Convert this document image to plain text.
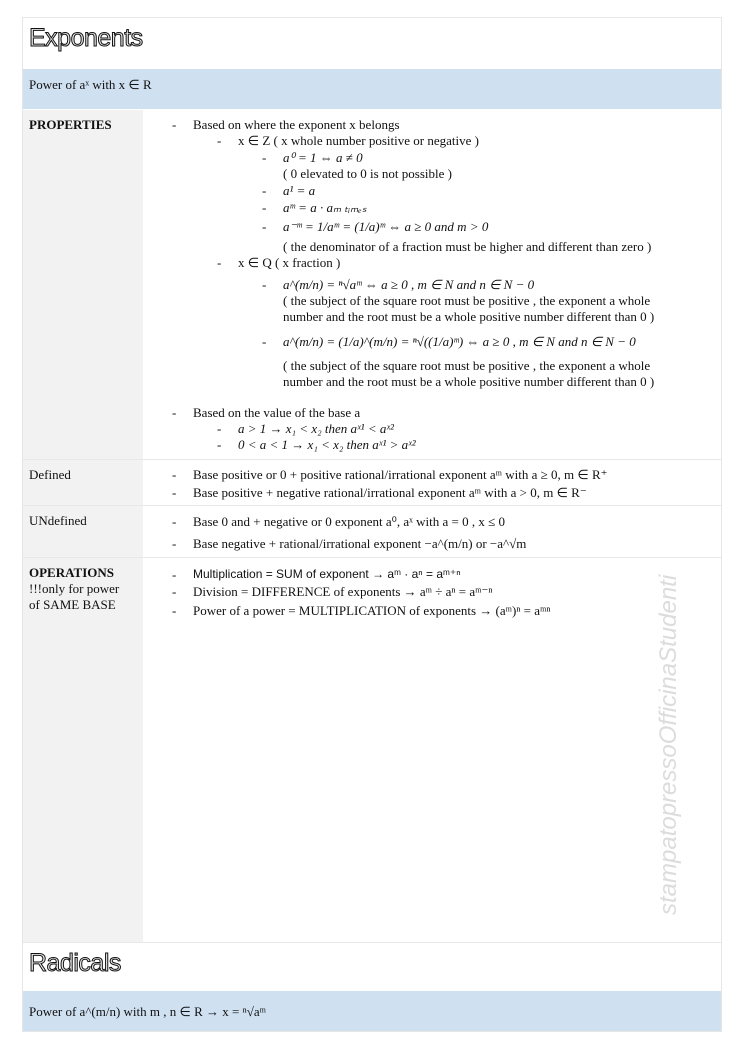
Exponents
Power of aˣ with x ∈ R
PROPERTIES
Defined
UNdefined
OPERATIONS
!!!only for power
of SAME BASE
- Based on where the exponent x belongs
- x ∈ Z ( x whole number positive or negative )
- a⁰ = 1 ⇔ a ≠ 0
( 0 elevated to 0 is not possible )
- a¹ = a
- aᵐ = a · aₘ ₜᵢₘₑₛ
- a⁻ᵐ = 1/aᵐ = (1/a)ᵐ ⇔ a ≥ 0 and m > 0
( the denominator of a fraction must be higher and different than zero )
- x ∈ Q ( x fraction )
- a^(m/n) = ⁿ√aᵐ ⇔ a ≥ 0 , m ∈ N and n ∈ N − 0
( the subject of the square root must be positive , the exponent a whole
number and the root must be a whole positive number different than 0 )
- a^(m/n) = (1/a)^(m/n) = ⁿ√((1/a)ᵐ) ⇔ a ≥ 0 , m ∈ N and n ∈ N − 0
( the subject of the square root must be positive , the exponent a whole
number and the root must be a whole positive number different than 0 )
- Based on the value of the base a
- a > 1 → x₁ < x₂ then aˣ¹ < aˣ²
- 0 < a < 1 → x₁ < x₂ then aˣ¹ > aˣ²
- Base positive or 0 + positive rational/irrational exponent aᵐ with a ≥ 0, m ∈ R⁺
- Base positive + negative rational/irrational exponent aᵐ with a > 0, m ∈ R⁻
- Base 0 and + negative or 0 exponent a⁰, aˣ with a = 0 , x ≤ 0
- Base negative + rational/irrational exponent −a^(m/n) or −a^√m
- Multiplication = SUM of exponent → aᵐ · aⁿ = aᵐ⁺ⁿ
- Division = DIFFERENCE of exponents → aᵐ ÷ aⁿ = aᵐ⁻ⁿ
- Power of a power = MULTIPLICATION of exponents → (aᵐ)ⁿ = aᵐⁿ	stampatopressoOfficinaStudenti
Radicals
Power of a^(m/n) with m , n ∈ R → x = ⁿ√aᵐ
